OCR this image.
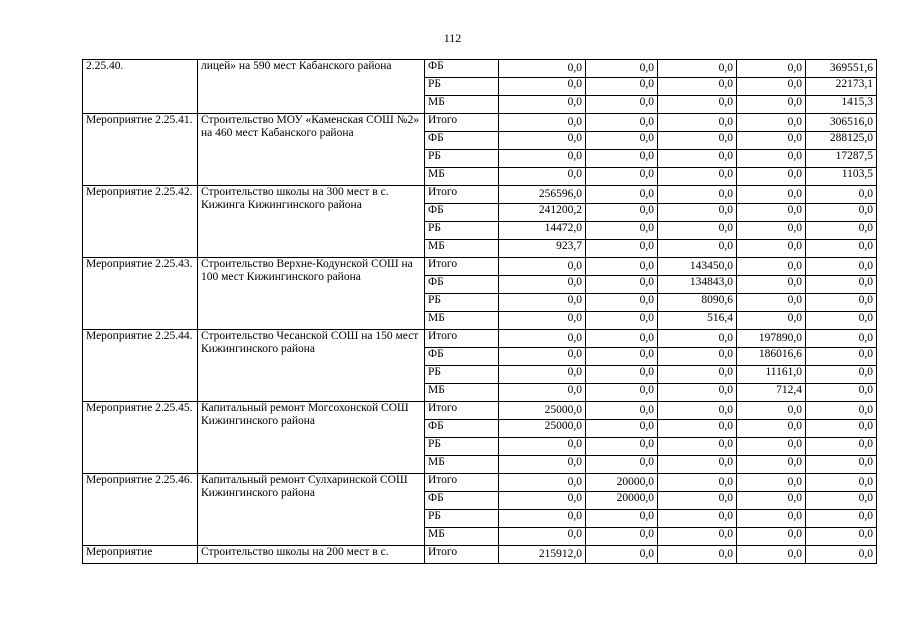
112
2.25.40.	лицей» на 590 мест Кабанского района	ФБ	0,0	0,0	0,0	0,0	369551,6
		РБ	0,0	0,0	0,0	0,0	22173,1
		МБ	0,0	0,0	0,0	0,0	1415,3
Мероприятие 2.25.41.	Строительство МОУ «Каменская СОШ №2» на 460 мест Кабанского района	Итого	0,0	0,0	0,0	0,0	306516,0
		ФБ	0,0	0,0	0,0	0,0	288125,0
		РБ	0,0	0,0	0,0	0,0	17287,5
		МБ	0,0	0,0	0,0	0,0	1103,5
Мероприятие 2.25.42.	Строительство школы на 300 мест в с. Кижинга Кижингинского района	Итого	256596,0	0,0	0,0	0,0	0,0
		ФБ	241200,2	0,0	0,0	0,0	0,0
		РБ	14472,0	0,0	0,0	0,0	0,0
		МБ	923,7	0,0	0,0	0,0	0,0
Мероприятие 2.25.43.	Строительство Верхне-Кодунской СОШ на 100 мест Кижингинского района	Итого	0,0	0,0	143450,0	0,0	0,0
		ФБ	0,0	0,0	134843,0	0,0	0,0
		РБ	0,0	0,0	8090,6	0,0	0,0
		МБ	0,0	0,0	516,4	0,0	0,0
Мероприятие 2.25.44.	Строительство Чесанской СОШ на 150 мест Кижингинского района	Итого	0,0	0,0	0,0	197890,0	0,0
		ФБ	0,0	0,0	0,0	186016,6	0,0
		РБ	0,0	0,0	0,0	11161,0	0,0
		МБ	0,0	0,0	0,0	712,4	0,0
Мероприятие 2.25.45.	Капитальный ремонт Могсохонской СОШ Кижингинского района	Итого	25000,0	0,0	0,0	0,0	0,0
		ФБ	25000,0	0,0	0,0	0,0	0,0
		РБ	0,0	0,0	0,0	0,0	0,0
		МБ	0,0	0,0	0,0	0,0	0,0
Мероприятие 2.25.46.	Капитальный ремонт Сулхаринской СОШ Кижингинского района	Итого	0,0	20000,0	0,0	0,0	0,0
		ФБ	0,0	20000,0	0,0	0,0	0,0
		РБ	0,0	0,0	0,0	0,0	0,0
		МБ	0,0	0,0	0,0	0,0	0,0
Мероприятие	Строительство школы на 200 мест в с.	Итого	215912,0	0,0	0,0	0,0	0,0
